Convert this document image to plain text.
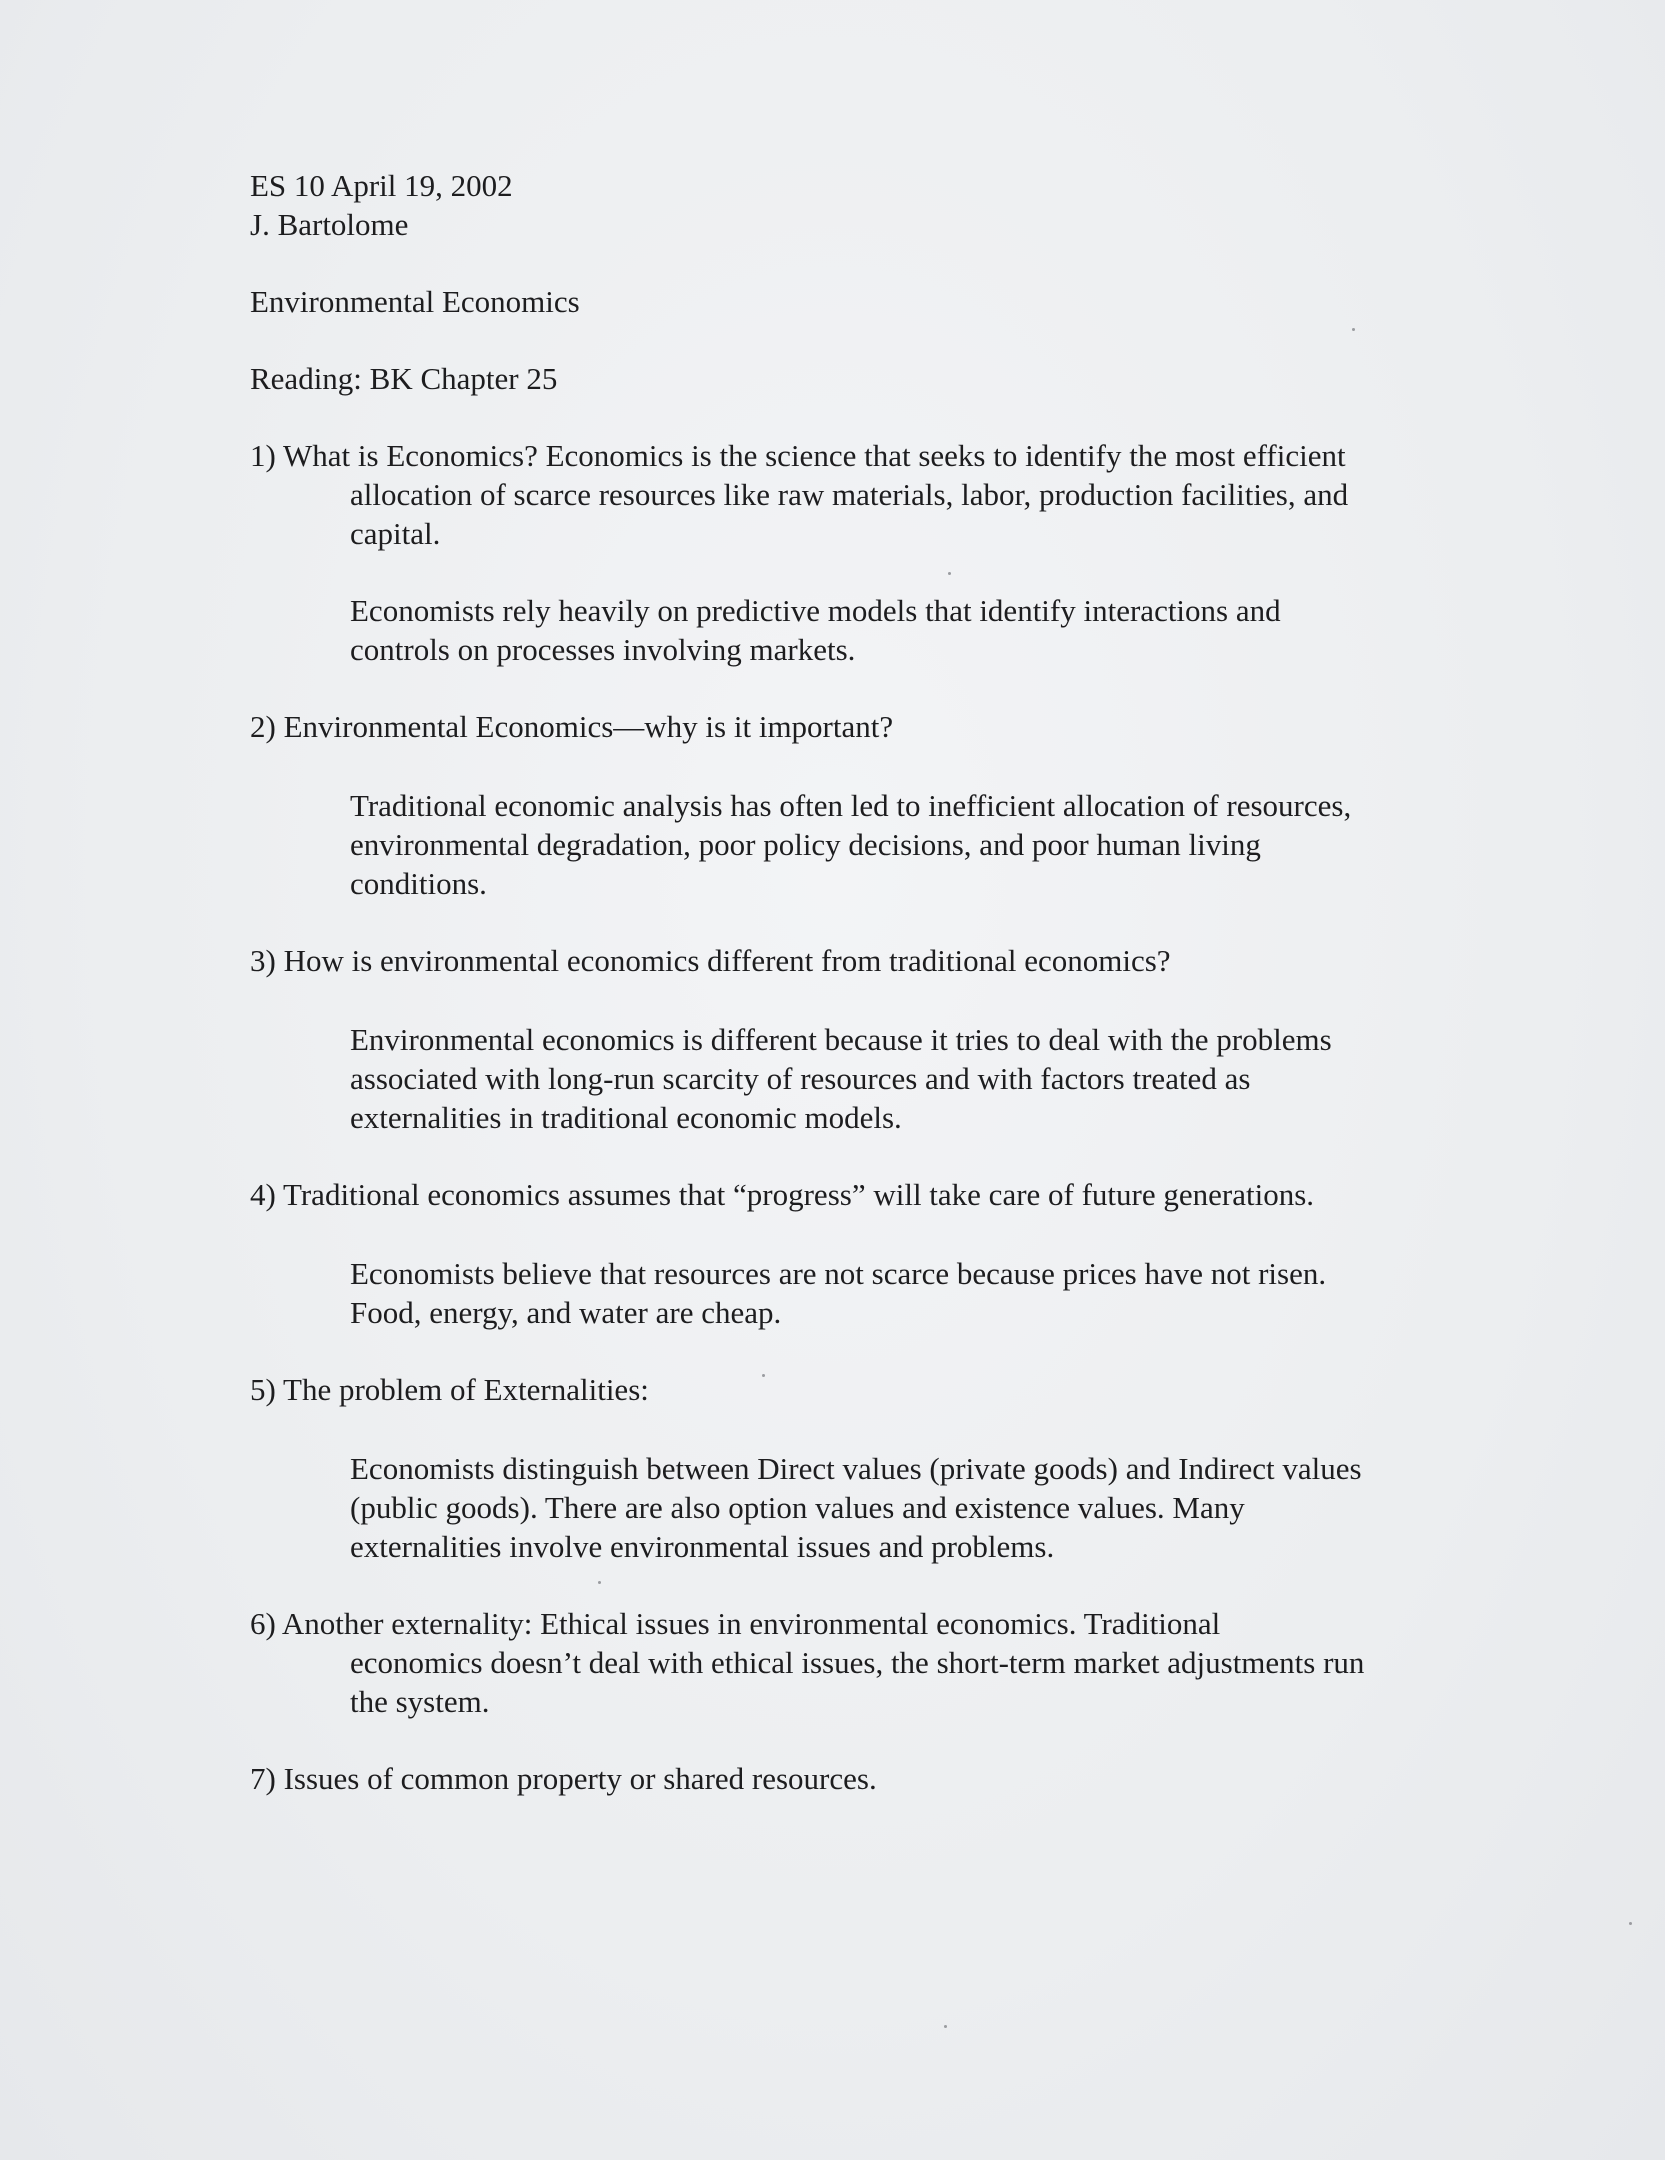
ES 10 April 19, 2002
J. Bartolome
Environmental Economics
Reading: BK Chapter 25
1) What is Economics? Economics is the science that seeks to identify the most efficient
allocation of scarce resources like raw materials, labor, production facilities, and
capital.
Economists rely heavily on predictive models that identify interactions and
controls on processes involving markets.
2) Environmental Economics—why is it important?
Traditional economic analysis has often led to inefficient allocation of resources,
environmental degradation, poor policy decisions, and poor human living
conditions.
3) How is environmental economics different from traditional economics?
Environmental economics is different because it tries to deal with the problems
associated with long-run scarcity of resources and with factors treated as
externalities in traditional economic models.
4) Traditional economics assumes that “progress” will take care of future generations.
Economists believe that resources are not scarce because prices have not risen.
Food, energy, and water are cheap.
5) The problem of Externalities:
Economists distinguish between Direct values (private goods) and Indirect values
(public goods). There are also option values and existence values. Many
externalities involve environmental issues and problems.
6) Another externality: Ethical issues in environmental economics. Traditional
economics doesn’t deal with ethical issues, the short-term market adjustments run
the system.
7) Issues of common property or shared resources.
